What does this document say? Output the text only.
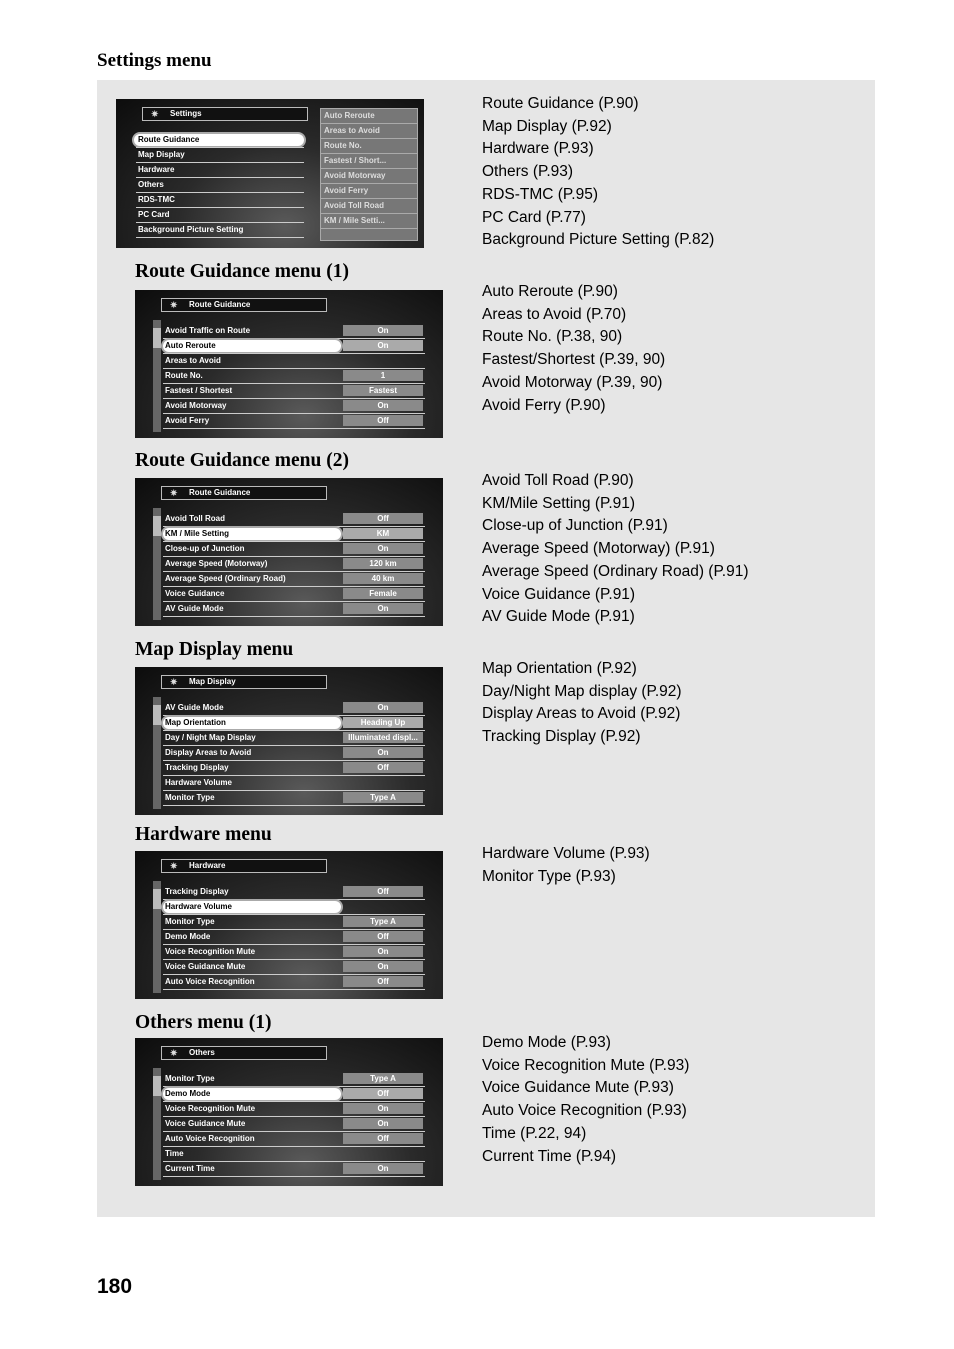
Settings menu
180
✷ Settings
Route Guidance
Map Display
Hardware
Others
RDS-TMC
PC Card
Background Picture Setting
Auto Reroute
Areas to Avoid
Route No.
Fastest / Short...
Avoid Motorway
Avoid Ferry
Avoid Toll Road
KM / Mile Setti...
Route Guidance (P.90)
Map Display (P.92)
Hardware (P.93)
Others (P.93)
RDS-TMC (P.95)
PC Card (P.77)
Background Picture Setting (P.82)
Route Guidance menu (1)
✷ Route Guidance
Avoid Traffic on Route	On
Auto Reroute	On
Areas to Avoid
Route No.	1
Fastest / Shortest	Fastest
Avoid Motorway	On
Avoid Ferry	Off
Auto Reroute (P.90)
Areas to Avoid (P.70)
Route No. (P.38, 90)
Fastest/Shortest (P.39, 90)
Avoid Motorway (P.39, 90)
Avoid Ferry (P.90)
Route Guidance menu (2)
✷ Route Guidance
Avoid Toll Road	Off
KM / Mile Setting	KM
Close-up of Junction	On
Average Speed (Motorway)	120 km
Average Speed (Ordinary Road)	40 km
Voice Guidance	Female
AV Guide Mode	On
Avoid Toll Road (P.90)
KM/Mile Setting (P.91)
Close-up of Junction (P.91)
Average Speed (Motorway) (P.91)
Average Speed (Ordinary Road) (P.91)
Voice Guidance (P.91)
AV Guide Mode (P.91)
Map Display menu
✷ Map Display
AV Guide Mode	On
Map Orientation	Heading Up
Day / Night Map Display	Illuminated displ...
Display Areas to Avoid	On
Tracking Display	Off
Hardware Volume
Monitor Type	Type A
Map Orientation (P.92)
Day/Night Map display (P.92)
Display Areas to Avoid (P.92)
Tracking Display (P.92)
Hardware menu
✷ Hardware
Tracking Display	Off
Hardware Volume
Monitor Type	Type A
Demo Mode	Off
Voice Recognition Mute	On
Voice Guidance Mute	On
Auto Voice Recognition	Off
Hardware Volume (P.93)
Monitor Type (P.93)
Others menu (1)
✷ Others
Monitor Type	Type A
Demo Mode	Off
Voice Recognition Mute	On
Voice Guidance Mute	On
Auto Voice Recognition	Off
Time
Current Time	On
Demo Mode (P.93)
Voice Recognition Mute (P.93)
Voice Guidance Mute (P.93)
Auto Voice Recognition (P.93)
Time (P.22, 94)
Current Time (P.94)
